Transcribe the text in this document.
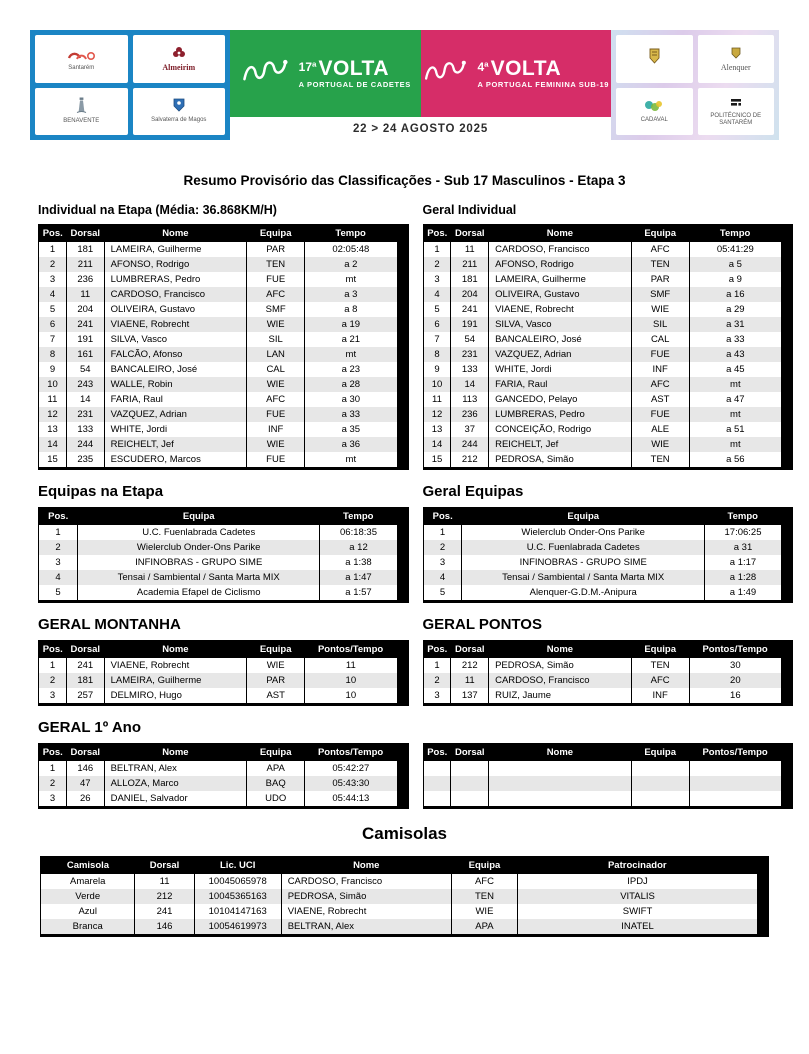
Santarém	Almeirim
BENAVENTE	Salvaterra de Magos
17ª VOLTA
A PORTUGAL DE CADETES
4ª VOLTA
A PORTUGAL FEMININA SUB-19
22 > 24 AGOSTO 2025
Alenquer
CADAVAL
POLITÉCNICO DE SANTARÉM
Resumo Provisório das Classificações - Sub 17 Masculinos - Etapa 3
Individual na Etapa (Média: 36.868KM/H)	Geral Individual
Pos.	Dorsal	Nome	Equipa	Tempo
1	181	LAMEIRA, Guilherme	PAR	02:05:48
2	211	AFONSO, Rodrigo	TEN	a 2
3	236	LUMBRERAS, Pedro	FUE	mt
4	11	CARDOSO, Francisco	AFC	a 3
5	204	OLIVEIRA, Gustavo	SMF	a 8
6	241	VIAENE, Robrecht	WIE	a 19
7	191	SILVA, Vasco	SIL	a 21
8	161	FALCÃO, Afonso	LAN	mt
9	54	BANCALEIRO, José	CAL	a 23
10	243	WALLE, Robin	WIE	a 28
11	14	FARIA, Raul	AFC	a 30
12	231	VAZQUEZ, Adrian	FUE	a 33
13	133	WHITE, Jordi	INF	a 35
14	244	REICHELT, Jef	WIE	a 36
15	235	ESCUDERO, Marcos	FUE	mt
Pos.	Dorsal	Nome	Equipa	Tempo
1	11	CARDOSO, Francisco	AFC	05:41:29
2	211	AFONSO, Rodrigo	TEN	a 5
3	181	LAMEIRA, Guilherme	PAR	a 9
4	204	OLIVEIRA, Gustavo	SMF	a 16
5	241	VIAENE, Robrecht	WIE	a 29
6	191	SILVA, Vasco	SIL	a 31
7	54	BANCALEIRO, José	CAL	a 33
8	231	VAZQUEZ, Adrian	FUE	a 43
9	133	WHITE, Jordi	INF	a 45
10	14	FARIA, Raul	AFC	mt
11	113	GANCEDO, Pelayo	AST	a 47
12	236	LUMBRERAS, Pedro	FUE	mt
13	37	CONCEIÇÃO, Rodrigo	ALE	a 51
14	244	REICHELT, Jef	WIE	mt
15	212	PEDROSA, Simão	TEN	a 56
Equipas na Etapa	Geral Equipas
Pos.	Equipa	Tempo
1	U.C. Fuenlabrada Cadetes	06:18:35
2	Wielerclub Onder-Ons Parike	a 12
3	INFINOBRAS - GRUPO SIME	a 1:38
4	Tensai / Sambiental / Santa Marta MIX	a 1:47
5	Academia Efapel de Ciclismo	a 1:57
Pos.	Equipa	Tempo
1	Wielerclub Onder-Ons Parike	17:06:25
2	U.C. Fuenlabrada Cadetes	a 31
3	INFINOBRAS - GRUPO SIME	a 1:17
4	Tensai / Sambiental / Santa Marta MIX	a 1:28
5	Alenquer-G.D.M.-Anipura	a 1:49
GERAL MONTANHA	GERAL PONTOS
Pos.	Dorsal	Nome	Equipa	Pontos/Tempo
1	241	VIAENE, Robrecht	WIE	11
2	181	LAMEIRA, Guilherme	PAR	10
3	257	DELMIRO, Hugo	AST	10
Pos.	Dorsal	Nome	Equipa	Pontos/Tempo
1	212	PEDROSA, Simão	TEN	30
2	11	CARDOSO, Francisco	AFC	20
3	137	RUIZ, Jaume	INF	16
GERAL 1º Ano

Pos.	Dorsal	Nome	Equipa	Pontos/Tempo
1	146	BELTRAN, Alex	APA	05:42:27
2	47	ALLOZA, Marco	BAQ	05:43:30
3	26	DANIEL, Salvador	UDO	05:44:13
Pos.	Dorsal	Nome	Equipa	Pontos/Tempo

Camisolas
Camisola	Dorsal	Lic. UCI	Nome	Equipa	Patrocinador
Amarela	11	10045065978	CARDOSO, Francisco	AFC	IPDJ
Verde	212	10045365163	PEDROSA, Simão	TEN	VITALIS
Azul	241	10104147163	VIAENE, Robrecht	WIE	SWIFT
Branca	146	10054619973	BELTRAN, Alex	APA	INATEL
